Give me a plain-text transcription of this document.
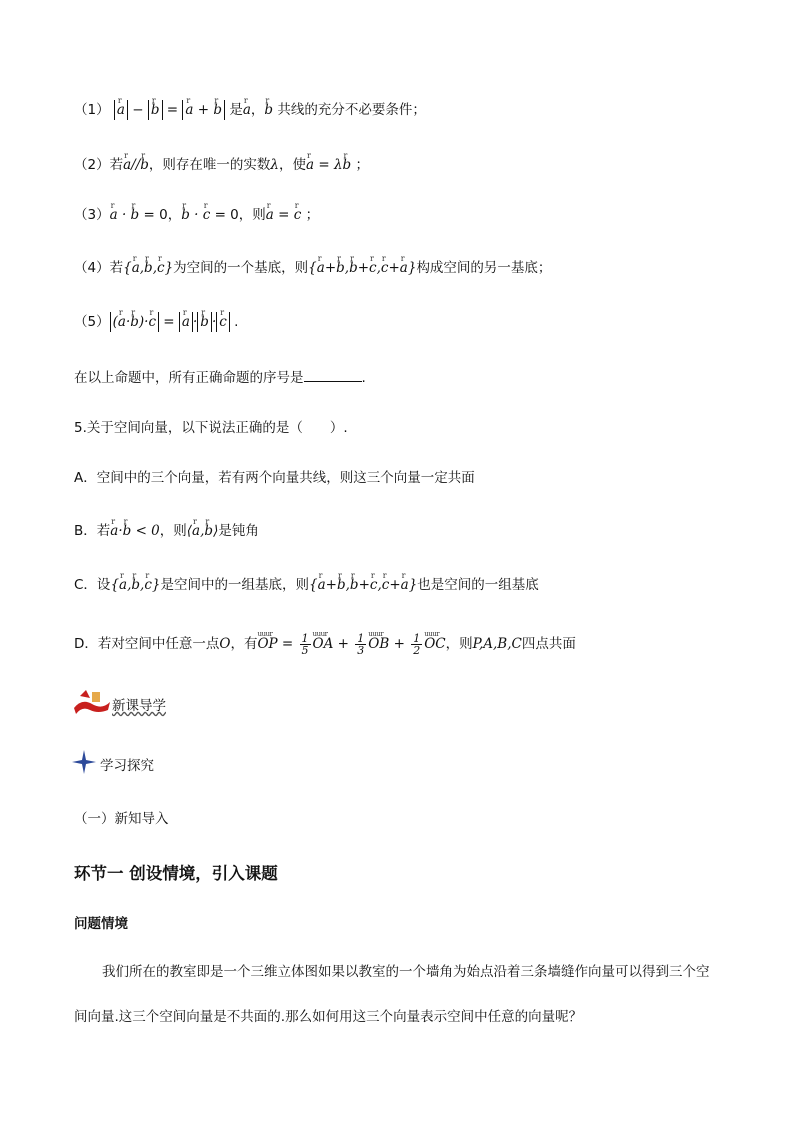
（1） r a − r b = r a + r b 是r a，r b 共线的充分不必要条件；
（2）若r a//r b，则存在唯一的实数λ，使r a = λr b ；
（3）r a · r b = 0，r b · r c = 0，则r a = r c ；
（4）若{r a,r b,r c}为空间的一个基底，则{r a+r b,r b+r c,r c+r a}构成空间的另一基底；
（5） (r a·r b)·r c = r a · r b · r c .
在以上命题中，所有正确命题的序号是	.
5.关于空间向量，以下说法正确的是（　　）.
A．空间中的三个向量，若有两个向量共线，则这三个向量一定共面
B．若r a·r b < 0，则⟨r a,r b⟩是钝角
C．设{r a,r b,r c}是空间中的一组基底，则{r a+r b,r b+r c,r c+r a}也是空间的一组基底
D．若对空间中任意一点O，有uuur OP = $\frac{1}{5}$ uuur OA + $\frac{1}{3}$ uuur OB + $\frac{1}{2}$ uuur OC，则P,A,B,C四点共面
新课导学
学习探究
（一）新知导入
环节一 创设情境，引入课题
问题情境
我们所在的教室即是一个三维立体图如果以教室的一个墙角为始点沿着三条墙缝作向量可以得到三个空间向量.这三个空间向量是不共面的.那么如何用这三个向量表示空间中任意的向量呢？
